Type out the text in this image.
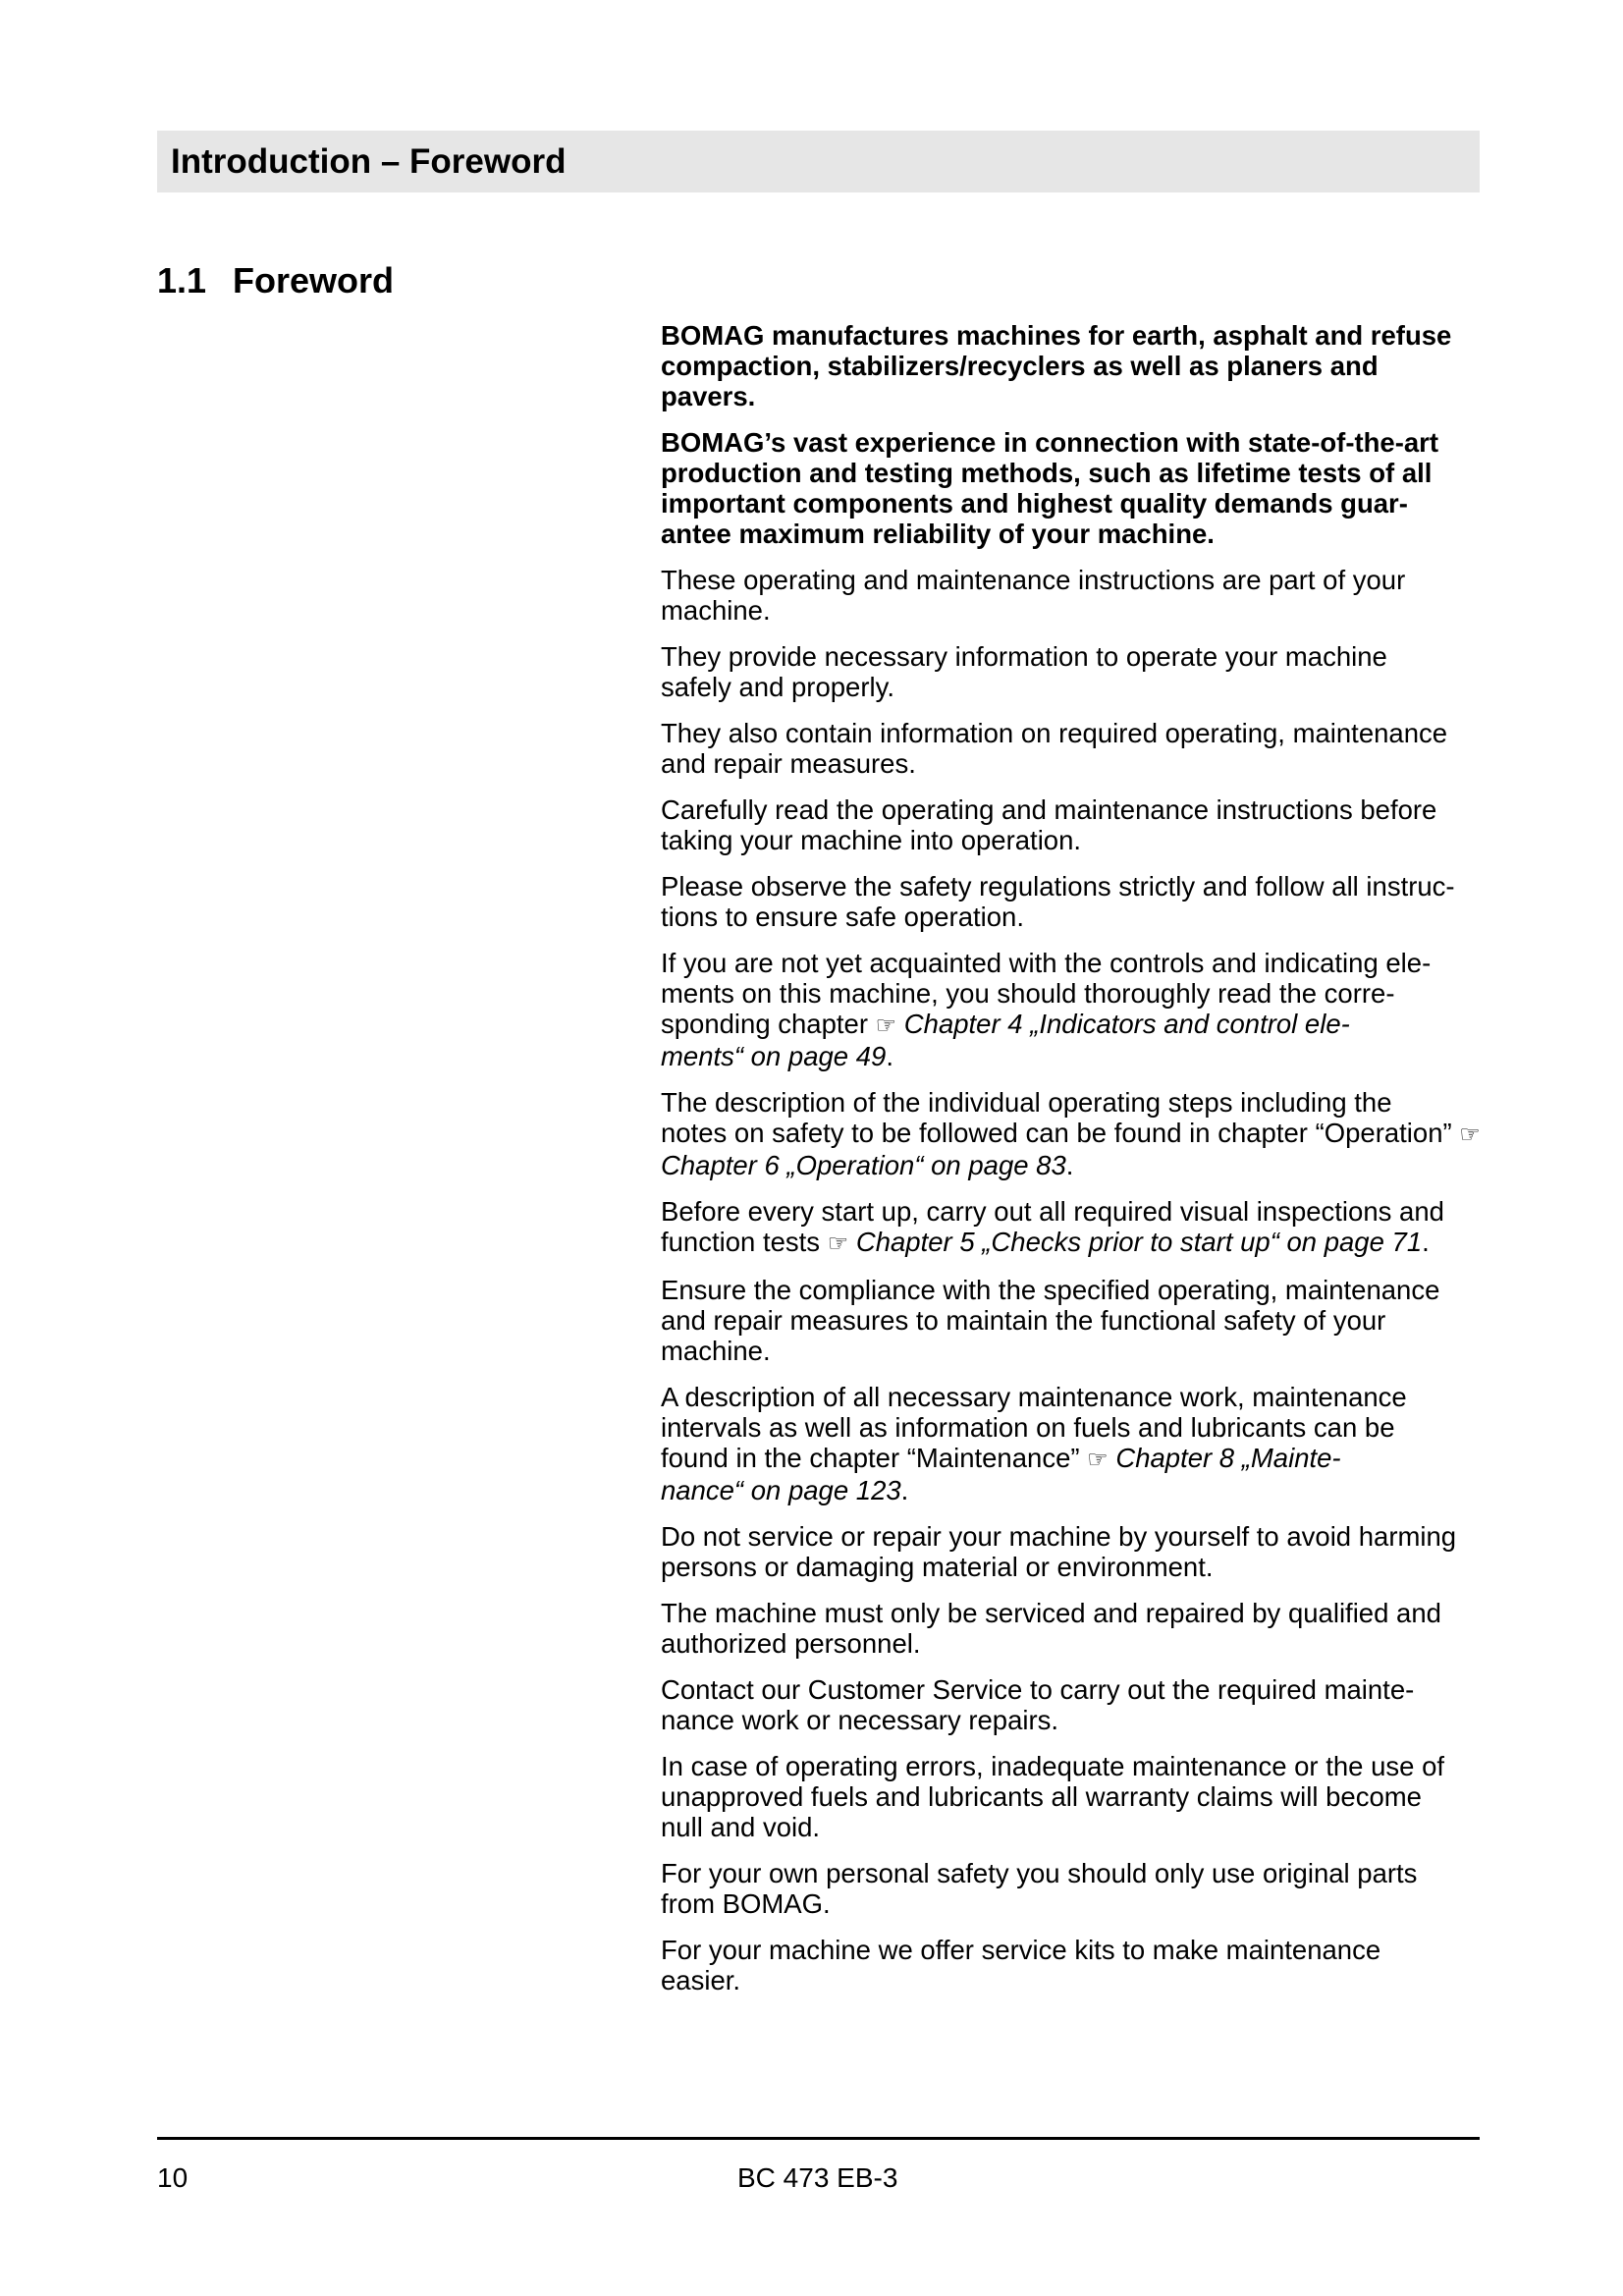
Introduction – Foreword
1.1 Foreword

BOMAG manufactures machines for earth, asphalt and refuse
compaction, stabilizers/recyclers as well as planers and
pavers.

BOMAG’s vast experience in connection with state-of-the-art
production and testing methods, such as lifetime tests of all
important components and highest quality demands guar-
antee maximum reliability of your machine.

These operating and maintenance instructions are part of your
machine.

They provide necessary information to operate your machine
safely and properly.

They also contain information on required operating, maintenance
and repair measures.

Carefully read the operating and maintenance instructions before
taking your machine into operation.

Please observe the safety regulations strictly and follow all instruc-
tions to ensure safe operation.

If you are not yet acquainted with the controls and indicating ele-
ments on this machine, you should thoroughly read the corre-
sponding chapter ☞ Chapter 4 „Indicators and control ele-
ments“ on page 49.

The description of the individual operating steps including the
notes on safety to be followed can be found in chapter “Operation” ☞ Chapter 6 „Operation“ on page 83.

Before every start up, carry out all required visual inspections and
function tests ☞ Chapter 5 „Checks prior to start up“ on page 71.

Ensure the compliance with the specified operating, maintenance
and repair measures to maintain the functional safety of your
machine.

A description of all necessary maintenance work, maintenance
intervals as well as information on fuels and lubricants can be
found in the chapter “Maintenance” ☞ Chapter 8 „Mainte-
nance“ on page 123.

Do not service or repair your machine by yourself to avoid harming
persons or damaging material or environment.

The machine must only be serviced and repaired by qualified and
authorized personnel.

Contact our Customer Service to carry out the required mainte-
nance work or necessary repairs.

In case of operating errors, inadequate maintenance or the use of
unapproved fuels and lubricants all warranty claims will become
null and void.

For your own personal safety you should only use original parts
from BOMAG.

For your machine we offer service kits to make maintenance
easier.

10	BC 473 EB-3
